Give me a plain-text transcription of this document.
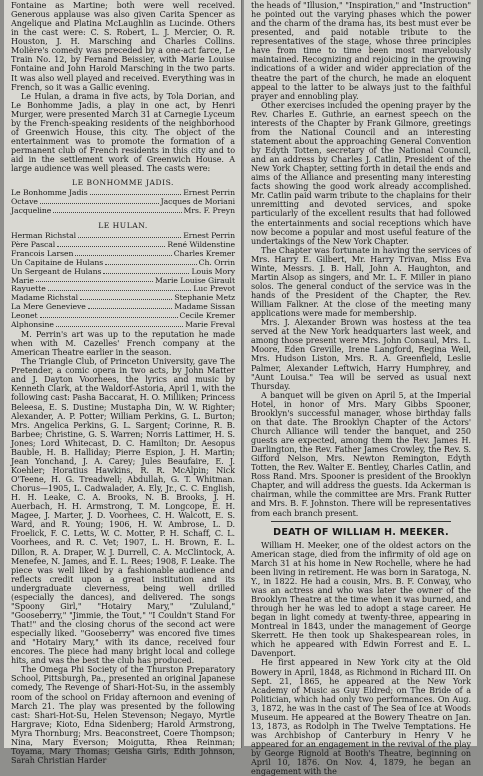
Fontaine as Martine; both were well received. Generous applause was also given Carita Spencer as Angelique and Platina McLaughlin as Lucinde. Others in the cast were: C. S. Robert, L. J. Mercier, O. R. Houston, J. H. Marsching and Charles Collins. Molière's comedy was preceded by a one-act farce, Le Train No. 12, by Fernand Beissier, with Marie Louise Fontaine and John Harold Marsching in the two parts. It was also well played and received. Everything was in French, so it was a Gallic evening.

Le Hulan, a drama in five acts, by Tola Dorian, and Le Bonhomme Jadis, a play in one act, by Henri Murger, were presented March 31 at Carnegie Lyceum by the French-speaking residents of the neighborhood of Greenwich House, this city. The object of the entertainment was to promote the formation of a permanent club of French residents in this city and to aid in the settlement work of Greenwich House. A large audience was well pleased. The casts were:

LE BONHOMME JADIS.

Le Bonhomme Jadis	Ernest Perrin
Octave	Jacques de Moriani
Jacqueline	Mrs. F. Preyn

LE HULAN.

Herman Richstal	Ernest Perrin
Père Pascal	René Wildenstine
Francois Larsen	Charles Kremer
Un Capitaine de Hulans	Ch. Orrin
Un Sergeant de Hulans	Louis Mory
Marie	Marie Louise Girault
Rayuette	Luc Prevot
Madame Richstal	Stephanie Metz
La Mere Genevieve	Madame Sissan
Leonet	Cecile Kremer
Alphonsine	Marie Freval

M. Perrin's art was up to the reputation he made when with M. Cazelles' French company at the American Theatre earlier in the season.

The Triangle Club, of Princeton University, gave The Pretender, a comic opera in two acts, by John Matter and J. Dayton Voorhees, the lyrics and music by Kenneth Clark, at the Waldorf-Astoria, April 1, with the following cast: Pasha Baccarat, H. O. Milliken; Princess Beleesa, E. S. Dustine; Mustapha Din, W. W. Righter; Alexander, A. P. Potter; William Perkins, G. L. Burton; Mrs. Angelica Perkins, G. L. Sargent; Corinne, R. B. Barbee; Christine, G. S. Warren; Norris Lattimer, H. S. Jones; Lord Whitecast, D. C. Hamilton; Dr. Aesopus Bauble, H. B. Halliday; Pierre Espion, J. H. Martin; Jean Yonchand, J. A. Carey; Jules Beaufaire, E. J. Koehler; Horatius Hawkins, R. R. McAlpin; Nick O'Teene, H. G. Treadwell; Abdullah, G. T. Whitman. Chorus—1905, L. Cadwalader, A. Ely, Jr., C. C. English, H. H. Leake, C. A. Brooks, N. B. Brooks, J. H. Auerbach, H. H. Armstrong, T. M. Longcope, E. H. Magee, J. Marter, J. D. Voorhees, C. H. Walcott, E. S. Ward, and R. Young; 1906, H. W. Ambrose, L. D. Froelick, F. C. Letts, W. C. Motter, P. H. Schaff, C. L. Voorhees, and R. C. Vet; 1907, L. H. Brown, E. L. Dillon, R. A. Draper, W. J. Durrell, C. A. McClintock, A. Menefee, N. James, and E. L. Rees; 1908, F. Leake. The piece was well liked by a fashionable audience and reflects credit upon a great institution and its undergraduate cleverness, being well drilled (especially the dances), and delivered. The songs "Spoony Girl," "Hotairy Mary," "Zululand," "Gooseberry," "Jimmie, the Tout," "I Couldn't Stand For That!" and the closing chorus of the second act were especially liked. "Gooseberry" was encored five times and "Hotairy Mary," with its dance, received four encores. The piece had many bright local and college hits, and was the best the club has produced.

The Omega Phi Society of the Thurston Preparatory School, Pittsburgh, Pa., presented an original Japanese comedy, The Revenge of Shari-Hot-Su, in the assembly room of the school on Friday afternoon and evening of March 21. The play was presented by the following cast: Shari-Hot-Su, Helen Stevenson; Negayo, Myrtle Hargrave; Kioto, Edna Sidenberg; Harold Armstrong, Myra Thornburg; Mrs. Beaconstreet, Coere Thompson; Nina, Mary Everson; Moigutta, Rhea Reinman; Toyama, Mary Thomas; Geisha Girls, Edith Johnson, Sarah Christian Harder

the heads of "Illusion," "Inspiration," and "Instruction" he pointed out the varying phases which the power and the charm of the drama has, its best must ever be presented, and paid notable tribute to the representatives of the stage, whose three principles have from time to time been most marvelously maintained. Recognizing and rejoicing in the growing indications of a wider and wider appreciation of the theatre the part of the church, he made an eloquent appeal to the latter to be always just to the faithful prayer and ennobling play.

Other exercises included the opening prayer by the Rev. Charles E. Guthrie, an earnest speech on the interests of the Chapter by Frank Gilmore, greetings from the National Council and an interesting statement about the approaching General Convention by Edyth Totten, secretary of the National Council, and an address by Charles J. Catlin, President of the New York Chapter, setting forth in detail the ends and aims of the Alliance and presenting many interesting facts showing the good work already accomplished. Mr. Catlin paid warm tribute to the chaplains for their unremitting and devoted services, and spoke particularly of the excellent results that had followed the entertainments and social receptions which have now become a popular and most useful feature of the undertakings of the New York Chapter.

The Chapter was fortunate in having the services of Mrs. Harry E. Gilbert, Mr. Harry Trivan, Miss Eva Winte, Messrs. J. B. Hall, John A. Haughton, and Martin Alsop as singers, and Mr. L. F. Miller in piano solos. The general conduct of the service was in the hands of the President of the Chapter, the Rev. William Falkner. At the close of the meeting many applications were made for membership.

Mrs. J. Alexander Brown was hostess at the tea served at the New York headquarters last week, and among those present were Mrs. John Consaul, Mrs. L. Moore, Eden Greville, Irene Langford, Regina Weil, Mrs. Hudson Liston, Mrs. R. A. Greenfield, Leslie Palmer, Alexander Leftwich, Harry Humphrey, and "Aunt Louisa." Tea will be served as usual next Thursday.

A banquet will be given on April 5, at the Imperial Hotel, in honor of Mrs. Mary Gibbs Spooner, Brooklyn's successful manager, whose birthday falls on that date. The Brooklyn Chapter of the Actors' Church Alliance will tender the banquet, and 250 guests are expected, among them the Rev. James H. Darlington, the Rev. Father James Crowley, the Rev. S. Gifford Nelson, Mrs. Newton Remington, Edyth Totten, the Rev. Walter E. Bentley, Charles Catlin, and Ross Rand. Mrs. Spooner is president of the Brooklyn Chapter, and will address the guests. Ida Ackerman is chairman, while the committee are Mrs. Frank Rutter and Mrs. B. F. Johnston. There will be representatives from each branch present.

DEATH OF WILLIAM H. MEEKER.

William H. Meeker, one of the oldest actors on the American stage, died from the infirmity of old age on March 31 at his home in New Rochelle, where he had been living in retirement. He was born in Saratoga, N. Y., in 1822. He had a cousin, Mrs. B. F. Conway, who was an actress and who was later the owner of the Brooklyn Theatre at the time when it was burned, and through her he was led to adopt a stage career. He began in light comedy at twenty-three, appearing in Montreal in 1843, under the management of George Skerrett. He then took up Shakespearean roles, in which he appeared with Edwin Forrest and E. L. Davenport.

He first appeared in New York city at the Old Bowery in April, 1848, as Richmond in Richard III. On Sept. 21, 1865, he appeared at the New York Academy of Music as Guy Eldred; on The Bride of a Politician, which had only two performances. On Aug. 3, 1872, he was in the cast of The Sea of Ice at Woods Museum. He appeared at the Bowery Theatre on Jan. 13, 1873, as Rodolph in The Twelve Temptations. He was Archbishop of Canterbury in Henry V he appeared for an engagement in the revival of the play by George Rignold at Booth's Theatre, beginning on April 10, 1876. On Nov. 4, 1879, he began an engagement with the
